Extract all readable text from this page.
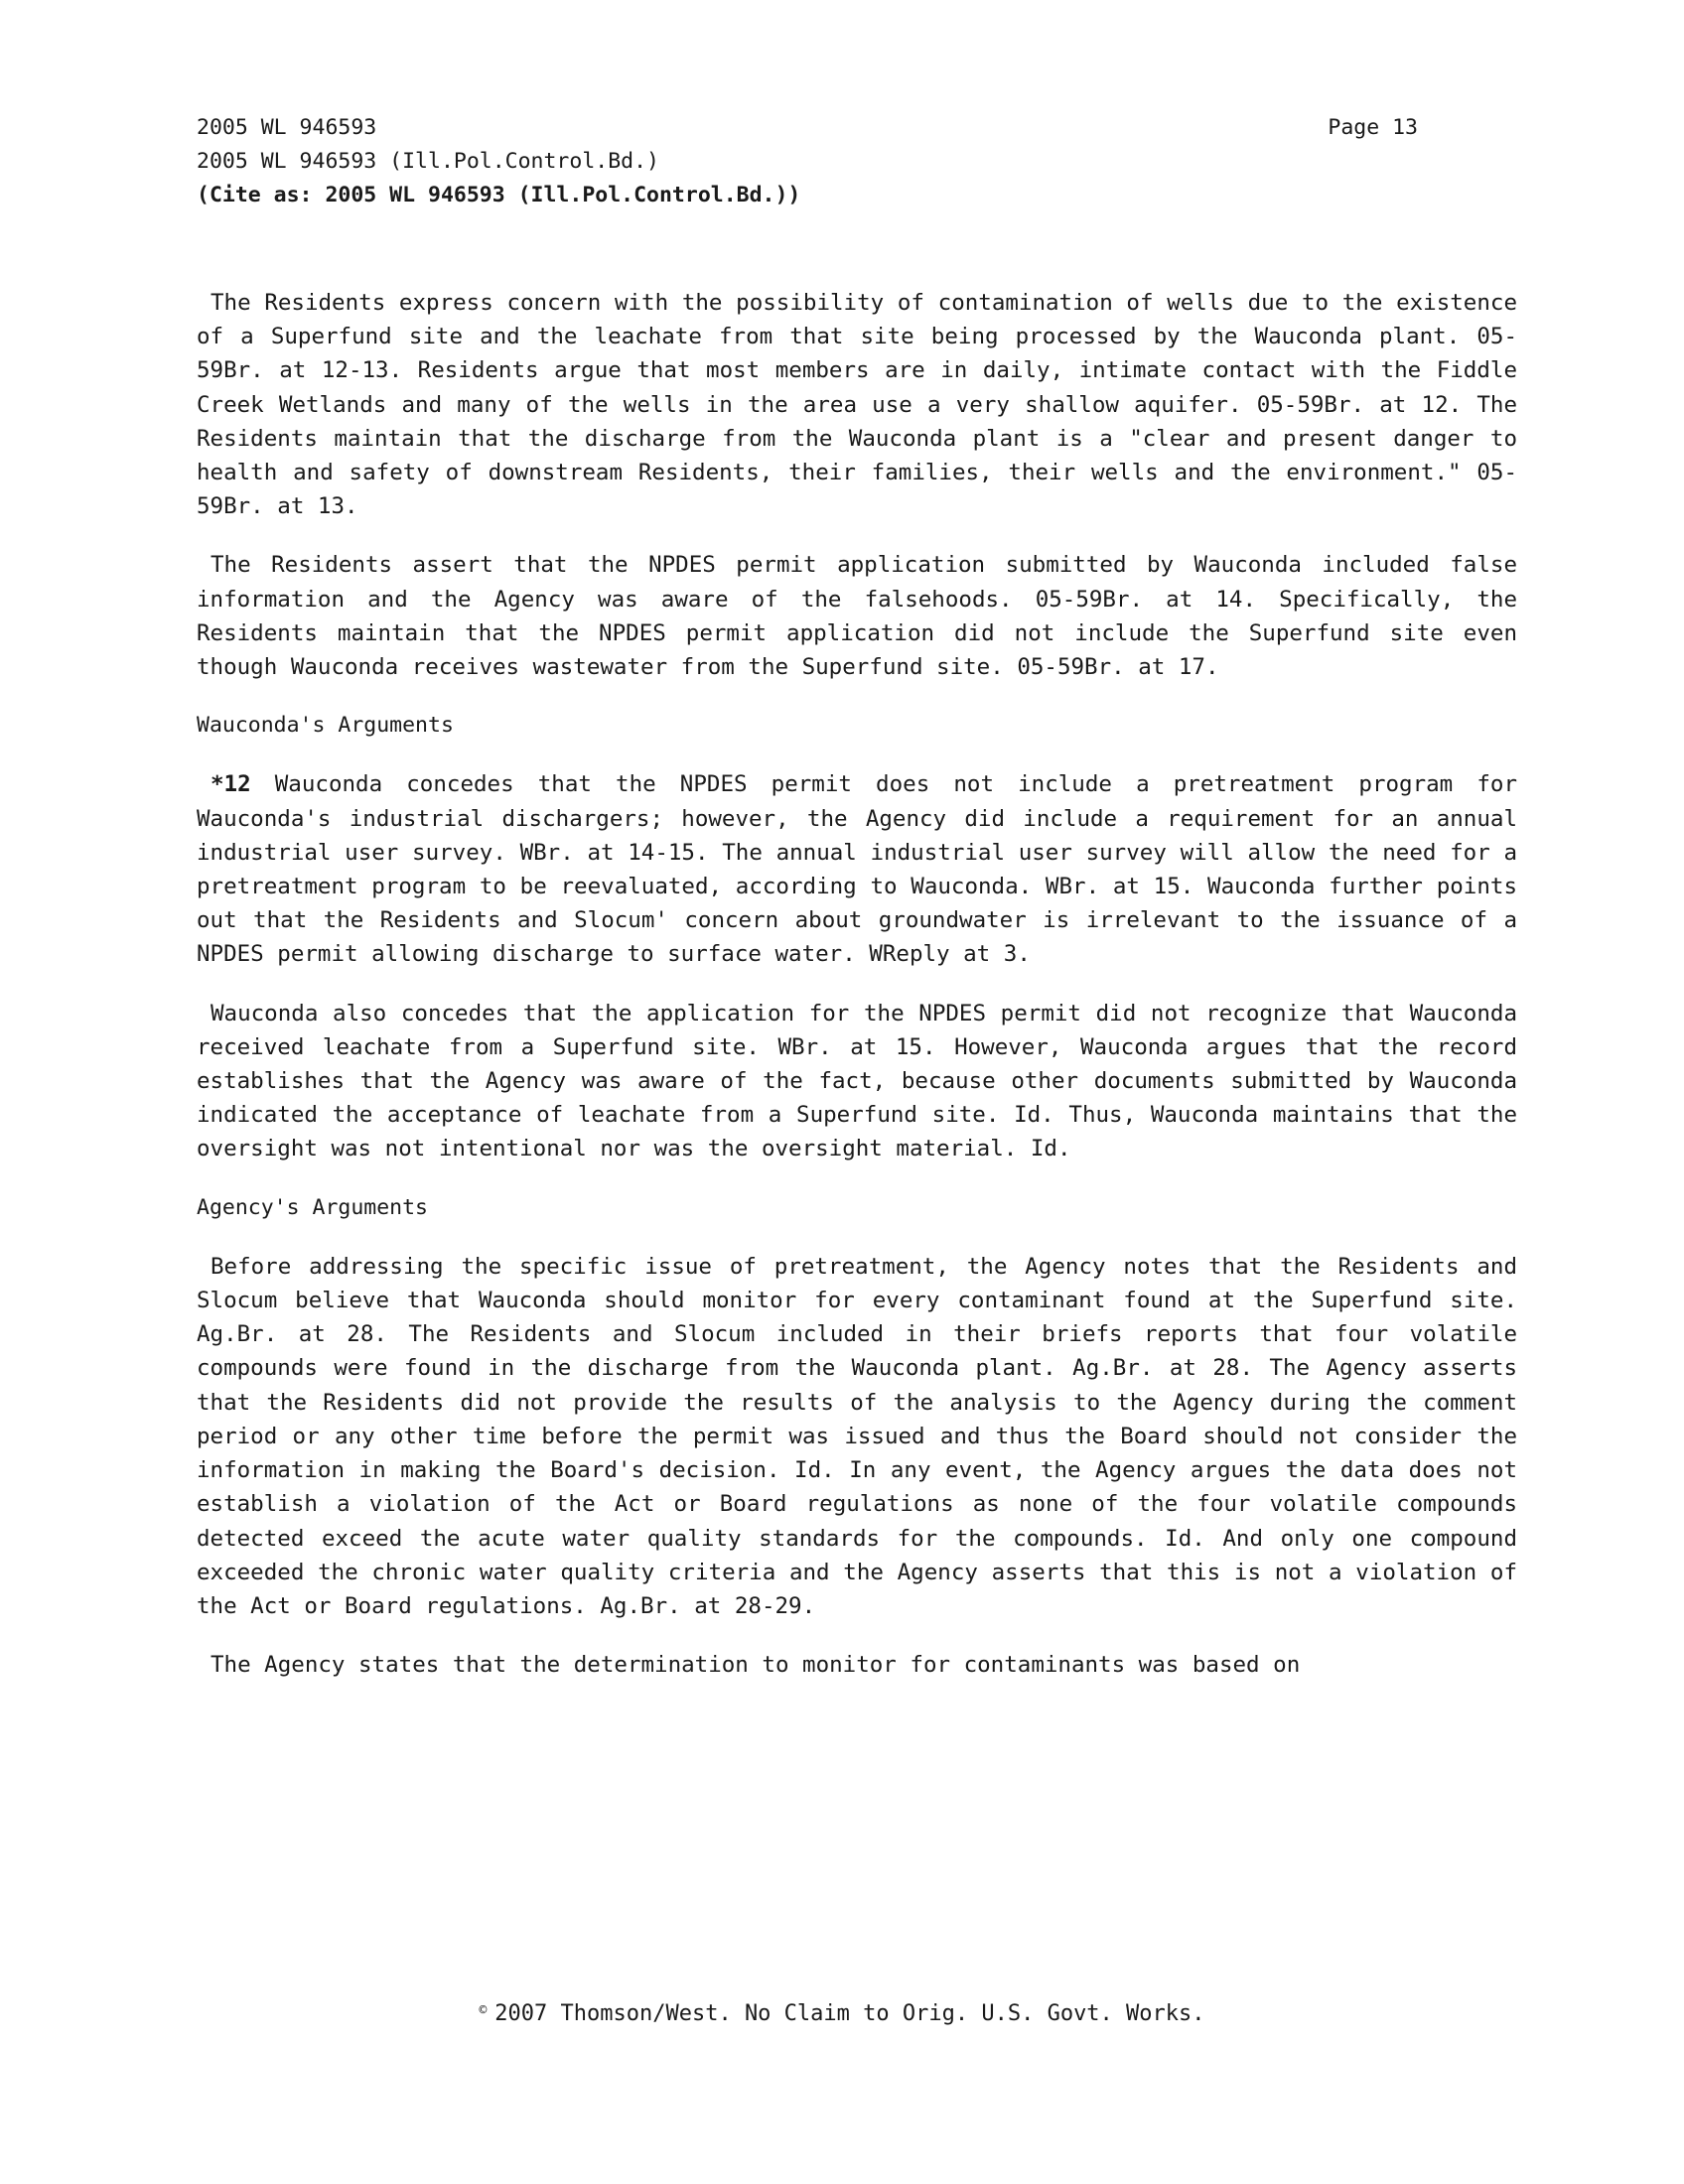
Page 13
2005 WL 946593
2005 WL 946593 (Ill.Pol.Control.Bd.)
(Cite as: 2005 WL 946593 (Ill.Pol.Control.Bd.))

The Residents express concern with the possibility of contamination of wells due to the existence of a Superfund site and the leachate from that site being processed by the Wauconda plant. 05-59Br. at 12-13. Residents argue that most members are in daily, intimate contact with the Fiddle Creek Wetlands and many of the wells in the area use a very shallow aquifer. 05-59Br. at 12. The Residents maintain that the discharge from the Wauconda plant is a "clear and present danger to health and safety of downstream Residents, their families, their wells and the environment." 05-59Br. at 13.

The Residents assert that the NPDES permit application submitted by Wauconda included false information and the Agency was aware of the falsehoods. 05-59Br. at 14. Specifically, the Residents maintain that the NPDES permit application did not include the Superfund site even though Wauconda receives wastewater from the Superfund site. 05-59Br. at 17.

Wauconda's Arguments

*12 Wauconda concedes that the NPDES permit does not include a pretreatment program for Wauconda's industrial dischargers; however, the Agency did include a requirement for an annual industrial user survey. WBr. at 14-15. The annual industrial user survey will allow the need for a pretreatment program to be reevaluated, according to Wauconda. WBr. at 15. Wauconda further points out that the Residents and Slocum' concern about groundwater is irrelevant to the issuance of a NPDES permit allowing discharge to surface water. WReply at 3.

Wauconda also concedes that the application for the NPDES permit did not recognize that Wauconda received leachate from a Superfund site. WBr. at 15. However, Wauconda argues that the record establishes that the Agency was aware of the fact, because other documents submitted by Wauconda indicated the acceptance of leachate from a Superfund site. Id. Thus, Wauconda maintains that the oversight was not intentional nor was the oversight material. Id.

Agency's Arguments

Before addressing the specific issue of pretreatment, the Agency notes that the Residents and Slocum believe that Wauconda should monitor for every contaminant found at the Superfund site. Ag.Br. at 28. The Residents and Slocum included in their briefs reports that four volatile compounds were found in the discharge from the Wauconda plant. Ag.Br. at 28. The Agency asserts that the Residents did not provide the results of the analysis to the Agency during the comment period or any other time before the permit was issued and thus the Board should not consider the information in making the Board's decision. Id. In any event, the Agency argues the data does not establish a violation of the Act or Board regulations as none of the four volatile compounds detected exceed the acute water quality standards for the compounds. Id. And only one compound exceeded the chronic water quality criteria and the Agency asserts that this is not a violation of the Act or Board regulations. Ag.Br. at 28-29.

The Agency states that the determination to monitor for contaminants was based on

© 2007 Thomson/West. No Claim to Orig. U.S. Govt. Works.
